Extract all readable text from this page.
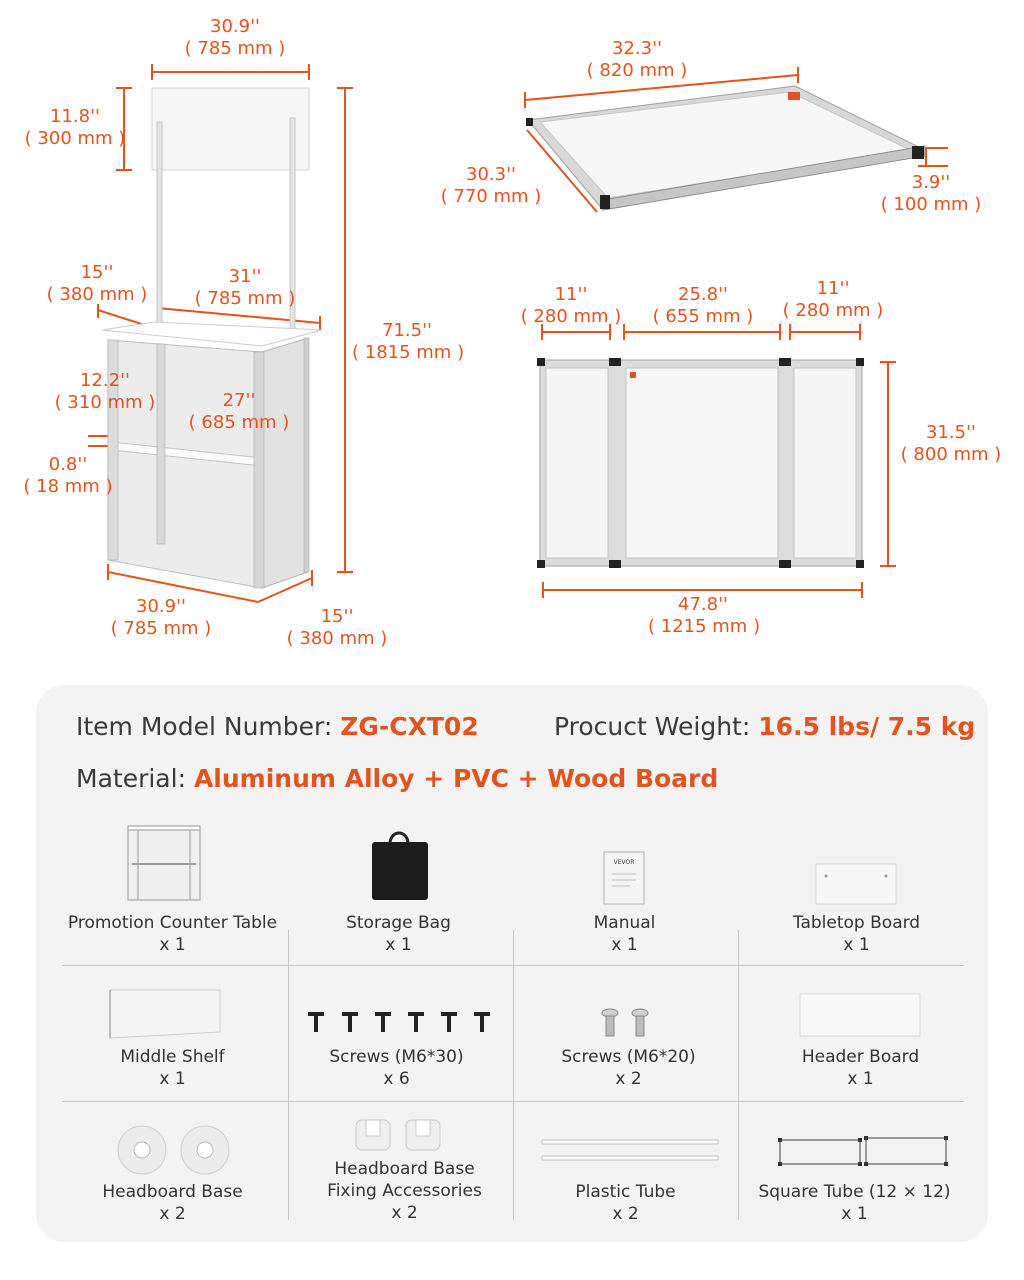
30.9''
( 785 mm )
11.8''
( 300 mm )
15''
( 380 mm )
31''
( 785 mm )
71.5''
( 1815 mm )
12.2''
( 310 mm )	27''
( 685 mm )
0.8''
( 18 mm )
30.9''
( 785 mm )
15''
( 380 mm )
32.3''
( 820 mm )
30.3''
( 770 mm )
3.9''
( 100 mm )
11''
( 280 mm )
25.8''
( 655 mm )
11''
( 280 mm )
31.5''
( 800 mm )
47.8''
( 1215 mm )
Item Model Number: ZG-CXT02	Procuct Weight: 16.5 lbs/ 7.5 kg
Material: Aluminum Alloy + PVC + Wood Board
VEVOR
Promotion Counter Table
x 1
Storage Bag
x 1
Manual
x 1
Tabletop Board
x 1
Middle Shelf
x 1
Screws (M6*30)
x 6
Screws (M6*20)
x 2
Header Board
x 1
Headboard Base
x 2
Headboard Base
Fixing Accessories
x 2
Plastic Tube
x 2
Square Tube (12 × 12)
x 1
